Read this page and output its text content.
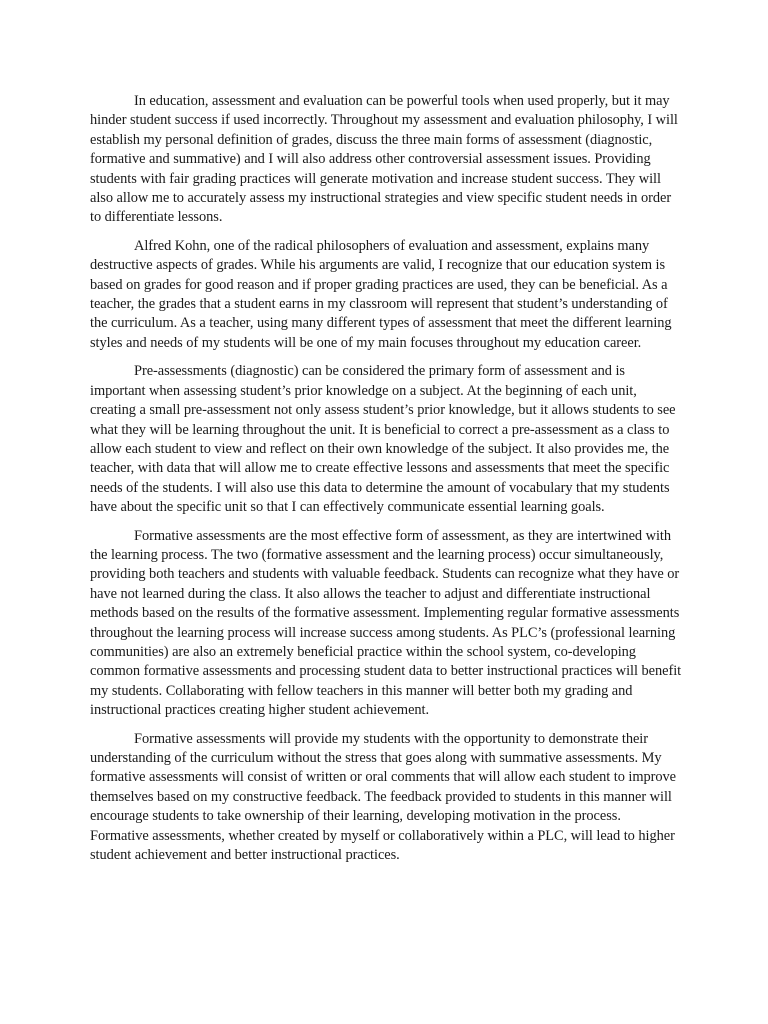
In education, assessment and evaluation can be powerful tools when used properly, but it may hinder student success if used incorrectly. Throughout my assessment and evaluation philosophy, I will establish my personal definition of grades, discuss the three main forms of assessment (diagnostic, formative and summative) and I will also address other controversial assessment issues. Providing students with fair grading practices will generate motivation and increase student success. They will also allow me to accurately assess my instructional strategies and view specific student needs in order to differentiate lessons.

Alfred Kohn, one of the radical philosophers of evaluation and assessment, explains many destructive aspects of grades. While his arguments are valid, I recognize that our education system is based on grades for good reason and if proper grading practices are used, they can be beneficial. As a teacher, the grades that a student earns in my classroom will represent that student’s understanding of the curriculum. As a teacher, using many different types of assessment that meet the different learning styles and needs of my students will be one of my main focuses throughout my education career.

Pre-assessments (diagnostic) can be considered the primary form of assessment and is important when assessing student’s prior knowledge on a subject. At the beginning of each unit, creating a small pre-assessment not only assess student’s prior knowledge, but it allows students to see what they will be learning throughout the unit. It is beneficial to correct a pre-assessment as a class to allow each student to view and reflect on their own knowledge of the subject. It also provides me, the teacher, with data that will allow me to create effective lessons and assessments that meet the specific needs of the students. I will also use this data to determine the amount of vocabulary that my students have about the specific unit so that I can effectively communicate essential learning goals.

Formative assessments are the most effective form of assessment, as they are intertwined with the learning process. The two (formative assessment and the learning process) occur simultaneously, providing both teachers and students with valuable feedback. Students can recognize what they have or have not learned during the class. It also allows the teacher to adjust and differentiate instructional methods based on the results of the formative assessment. Implementing regular formative assessments throughout the learning process will increase success among students. As PLC’s (professional learning communities) are also an extremely beneficial practice within the school system, co-developing common formative assessments and processing student data to better instructional practices will benefit my students. Collaborating with fellow teachers in this manner will better both my grading and instructional practices creating higher student achievement.

Formative assessments will provide my students with the opportunity to demonstrate their understanding of the curriculum without the stress that goes along with summative assessments. My formative assessments will consist of written or oral comments that will allow each student to improve themselves based on my constructive feedback. The feedback provided to students in this manner will encourage students to take ownership of their learning, developing motivation in the process. Formative assessments, whether created by myself or collaboratively within a PLC, will lead to higher student achievement and better instructional practices.
